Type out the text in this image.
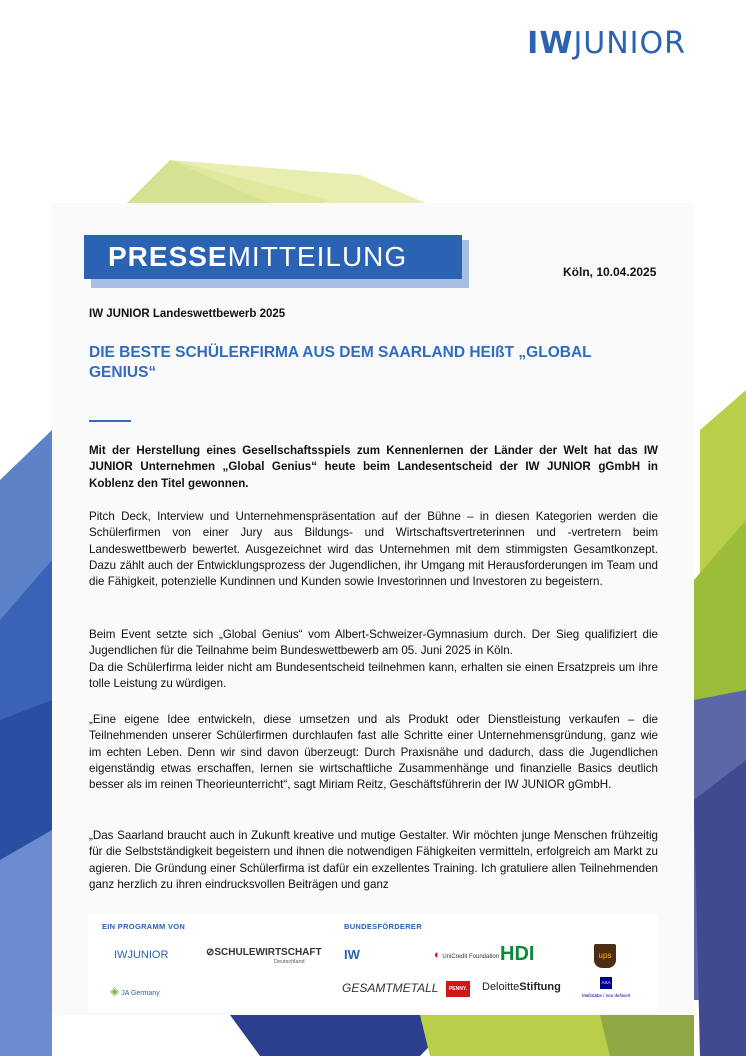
IWJUNIOR
PRESSEMITTEILUNG	Köln, 10.04.2025
IW JUNIOR Landeswettbewerb 2025
DIE BESTE SCHÜLERFIRMA AUS DEM SAARLAND HEIßT „GLOBAL GENIUS“

Mit der Herstellung eines Gesellschaftsspiels zum Kennenlernen der Länder der Welt hat das IW JUNIOR Unternehmen „Global Genius“ heute beim Landesentscheid der IW JUNIOR gGmbH in Koblenz den Titel gewonnen.

Pitch Deck, Interview und Unternehmenspräsentation auf der Bühne – in diesen Kategorien werden die Schülerfirmen von einer Jury aus Bildungs- und Wirtschaftsvertreterinnen und -vertretern beim Landeswettbewerb bewertet. Ausgezeichnet wird das Unternehmen mit dem stimmigsten Gesamtkonzept. Dazu zählt auch der Entwicklungsprozess der Jugendlichen, ihr Umgang mit Herausforderungen im Team und die Fähigkeit, potenzielle Kundinnen und Kunden sowie Investorinnen und Investoren zu begeistern.

Beim Event setzte sich „Global Genius“ vom Albert-Schweizer-Gymnasium durch. Der Sieg qualifiziert die Jugendlichen für die Teilnahme beim Bundeswettbewerb am 05. Juni 2025 in Köln.

Da die Schülerfirma leider nicht am Bundesentscheid teilnehmen kann, erhalten sie einen Ersatzpreis um ihre tolle Leistung zu würdigen.

„Eine eigene Idee entwickeln, diese umsetzen und als Produkt oder Dienstleistung verkaufen – die Teilnehmenden unserer Schülerfirmen durchlaufen fast alle Schritte einer Unternehmensgründung, ganz wie im echten Leben. Denn wir sind davon überzeugt: Durch Praxisnähe und dadurch, dass die Jugendlichen eigenständig etwas erschaffen, lernen sie wirtschaftliche Zusammenhänge und finanzielle Basics deutlich besser als im reinen Theorieunterricht“, sagt Miriam Reitz, Geschäftsführerin der IW JUNIOR gGmbH.

„Das Saarland braucht auch in Zukunft kreative und mutige Gestalter. Wir möchten junge Menschen frühzeitig für die Selbstständigkeit begeistern und ihnen die notwendigen Fähigkeiten vermitteln, erfolgreich am Markt zu agieren. Die Gründung einer Schülerfirma ist dafür ein exzellentes Training. Ich gratuliere allen Teilnehmenden ganz herzlich zu ihren eindrucksvollen Beiträgen und ganz

EIN PROGRAMM VON	BUNDESFÖRDERER
IWJUNIOR	⊘SCHULEWIRTSCHAFT
Deutschland
◈ JA Germany
IW	◐ UniCredit Foundation HDI	ups
GESAMTMETALL	PENNY. DeloitteStiftung	AXA
Maßstäbe / neu definiert
